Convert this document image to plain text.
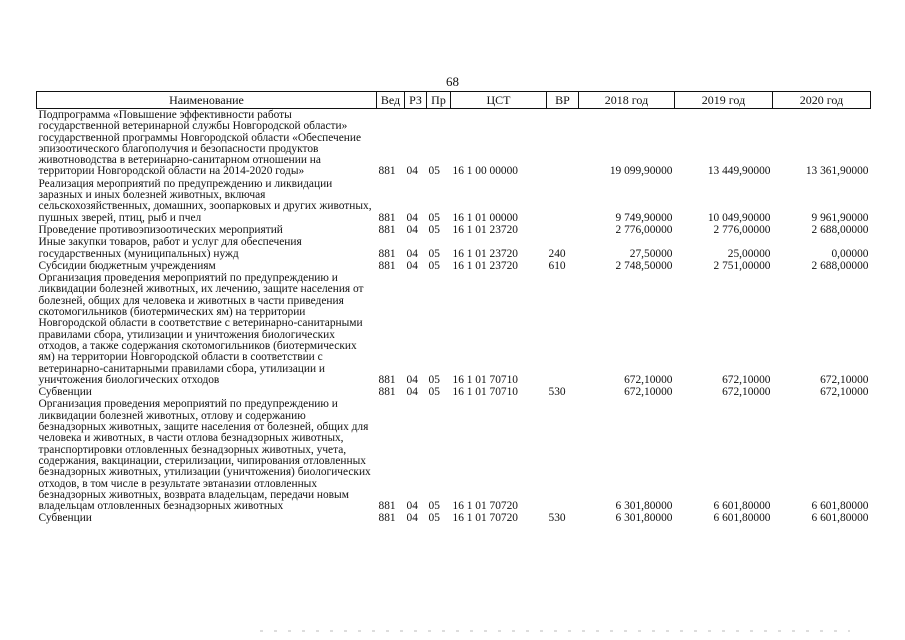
68
Наименование	Вед	РЗ	Пр	ЦСТ	ВР	2018 год	2019 год	2020 год
Подпрограмма «Повышение эффективности работы государственной ветеринарной службы Новгородской области» государственной программы Новгородской области «Обеспечение эпизоотического благополучия и безопасности продуктов животноводства в ветеринарно-санитарном отношении на территории Новгородской области на 2014-2020 годы»	881	04	05	16 1 00 00000		19 099,90000	13 449,90000	13 361,90000
Реализация мероприятий по предупреждению и ликвидации заразных и иных болезней животных, включая сельскохозяйственных, домашних, зоопарковых и других животных, пушных зверей, птиц, рыб и пчел	881	04	05	16 1 01 00000		9 749,90000	10 049,90000	9 961,90000
Проведение противоэпизоотических мероприятий	881	04	05	16 1 01 23720		2 776,00000	2 776,00000	2 688,00000
Иные закупки товаров, работ и услуг для обеспечения государственных (муниципальных) нужд	881	04	05	16 1 01 23720	240	27,50000	25,00000	0,00000
Субсидии бюджетным учреждениям	881	04	05	16 1 01 23720	610	2 748,50000	2 751,00000	2 688,00000
Организация проведения мероприятий по предупреждению и ликвидации болезней животных, их лечению, защите населения от болезней, общих для человека и животных в части приведения скотомогильников (биотермических ям) на территории Новгородской области в соответствие с ветеринарно-санитарными правилами сбора, утилизации и уничтожения биологических отходов, а также содержания скотомогильников (биотермических ям) на территории Новгородской области в соответствии с ветеринарно-санитарными правилами сбора, утилизации и уничтожения биологических отходов	881	04	05	16 1 01 70710		672,10000	672,10000	672,10000
Субвенции	881	04	05	16 1 01 70710	530	672,10000	672,10000	672,10000
Организация проведения мероприятий по предупреждению и ликвидации болезней животных, отлову и содержанию безнадзорных животных, защите населения от болезней, общих для человека и животных, в части отлова безнадзорных животных, транспортировки отловленных безнадзорных животных, учета, содержания, вакцинации, стерилизации, чипирования отловленных безнадзорных животных, утилизации (уничтожения) биологических отходов, в том числе в результате эвтаназии отловленных безнадзорных животных, возврата владельцам, передачи новым владельцам отловленных безнадзорных животных	881	04	05	16 1 01 70720		6 301,80000	6 601,80000	6 601,80000
Субвенции	881	04	05	16 1 01 70720	530	6 301,80000	6 601,80000	6 601,80000
